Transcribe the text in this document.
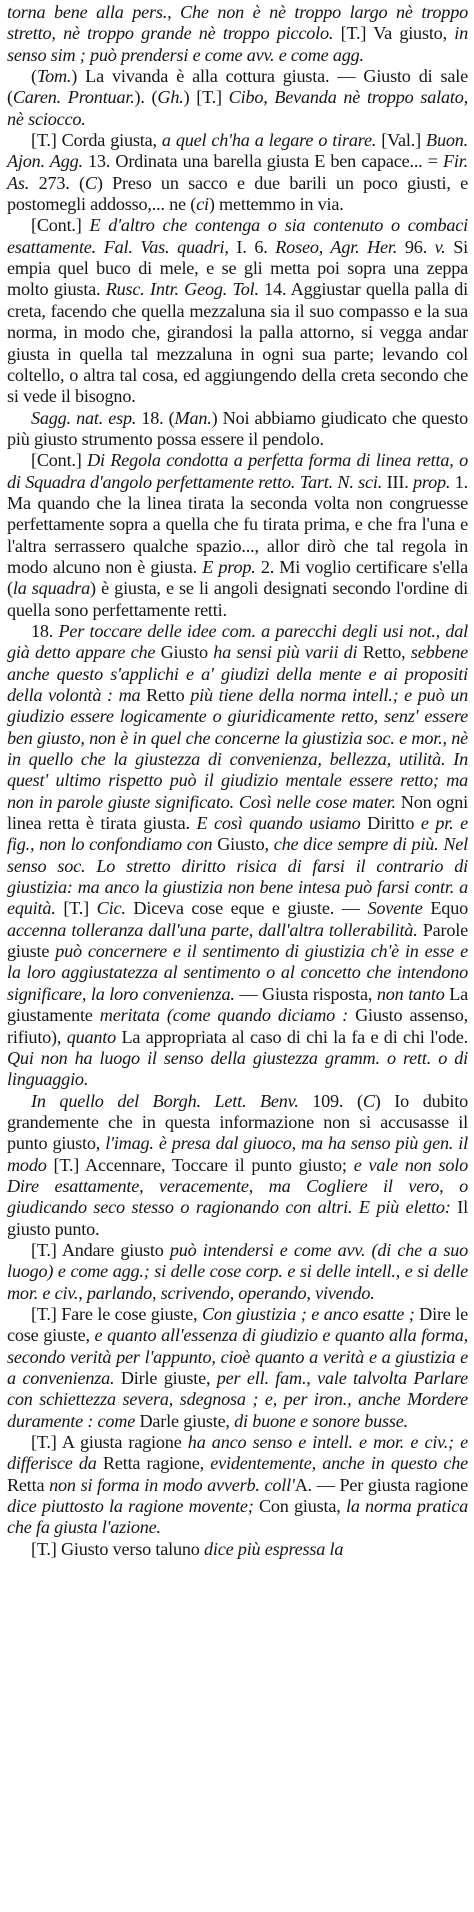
torna bene alla pers., Che non è nè troppo largo nè troppo stretto, nè troppo grande nè troppo piccolo. [T.] Va giusto, in senso sim ; può prendersi e come avv. e come agg.

(Tom.) La vivanda è alla cottura giusta. — Giusto di sale (Caren. Prontuar.). (Gh.) [T.] Cibo, Bevanda nè troppo salato, nè sciocco.

[T.] Corda giusta, a quel ch'ha a legare o tirare. [Val.] Buon. Ajon. Agg. 13. Ordinata una barella giusta E ben capace... = Fir. As. 273. (C) Preso un sacco e due barili un poco giusti, e postomegli addosso,... ne (ci) mettemmo in via.

[Cont.] E d'altro che contenga o sia contenuto o combaci esattamente. Fal. Vas. quadri, I. 6. Roseo, Agr. Her. 96. v. Si empia quel buco di mele, e se gli metta poi sopra una zeppa molto giusta. Rusc. Intr. Geog. Tol. 14. Aggiustar quella palla di creta, facendo che quella mezzaluna sia il suo compasso e la sua norma, in modo che, girandosi la palla attorno, si vegga andar giusta in quella tal mezzaluna in ogni sua parte; levando col coltello, o altra tal cosa, ed aggiungendo della creta secondo che si vede il bisogno.

Sagg. nat. esp. 18. (Man.) Noi abbiamo giudicato che questo più giusto strumento possa essere il pendolo.

[Cont.] Di Regola condotta a perfetta forma di linea retta, o di Squadra d'angolo perfettamente retto. Tart. N. sci. III. prop. 1. Ma quando che la linea tirata la seconda volta non congruesse perfettamente sopra a quella che fu tirata prima, e che fra l'una e l'altra serrassero qualche spazio..., allor dirò che tal regola in modo alcuno non è giusta. E prop. 2. Mi voglio certificare s'ella (la squadra) è giusta, e se li angoli designati secondo l'ordine di quella sono perfettamente retti.

18. Per toccare delle idee com. a parecchi degli usi not., dal già detto appare che Giusto ha sensi più varii di Retto, sebbene anche questo s'applichi e a' giudizi della mente e ai propositi della volontà : ma Retto più tiene della norma intell.; e può un giudizio essere logicamente o giuridicamente retto, senz' essere ben giusto, non è in quel che concerne la giustizia soc. e mor., nè in quello che la giustezza di convenienza, bellezza, utilità. In quest' ultimo rispetto può il giudizio mentale essere retto; ma non in parole giuste significato. Così nelle cose mater. Non ogni linea retta è tirata giusta. E così quando usiamo Diritto e pr. e fig., non lo confondiamo con Giusto, che dice sempre di più. Nel senso soc. Lo stretto diritto risica di farsi il contrario di giustizia: ma anco la giustizia non bene intesa può farsi contr. a equità. [T.] Cic. Diceva cose eque e giuste. — Sovente Equo accenna tolleranza dall'una parte, dall'altra tollerabilità. Parole giuste può concernere e il sentimento di giustizia ch'è in esse e la loro aggiustatezza al sentimento o al concetto che intendono significare, la loro convenienza. — Giusta risposta, non tanto La giustamente meritata (come quando diciamo : Giusto assenso, rifiuto), quanto La appropriata al caso di chi la fa e di chi l'ode. Qui non ha luogo il senso della giustezza gramm. o rett. o di linguaggio.

In quello del Borgh. Lett. Benv. 109. (C) Io dubito grandemente che in questa informazione non si accusasse il punto giusto, l'imag. è presa dal giuoco, ma ha senso più gen. il modo [T.] Accennare, Toccare il punto giusto; e vale non solo Dire esattamente, veracemente, ma Cogliere il vero, o giudicando seco stesso o ragionando con altri. E più eletto: Il giusto punto.

[T.] Andare giusto può intendersi e come avv. (di che a suo luogo) e come agg.; si delle cose corp. e si delle intell., e si delle mor. e civ., parlando, scrivendo, operando, vivendo.

[T.] Fare le cose giuste, Con giustizia ; e anco esatte ; Dire le cose giuste, e quanto all'essenza di giudizio e quanto alla forma, secondo verità per l'appunto, cioè quanto a verità e a giustizia e a convenienza. Dirle giuste, per ell. fam., vale talvolta Parlare con schiettezza severa, sdegnosa ; e, per iron., anche Mordere duramente : come Darle giuste, di buone e sonore busse.

[T.] A giusta ragione ha anco senso e intell. e mor. e civ.; e differisce da Retta ragione, evidentemente, anche in questo che Retta non si forma in modo avverb. coll'A. — Per giusta ragione dice piuttosto la ragione movente; Con giusta, la norma pratica che fa giusta l'azione.

[T.] Giusto verso taluno dice più espressa la
